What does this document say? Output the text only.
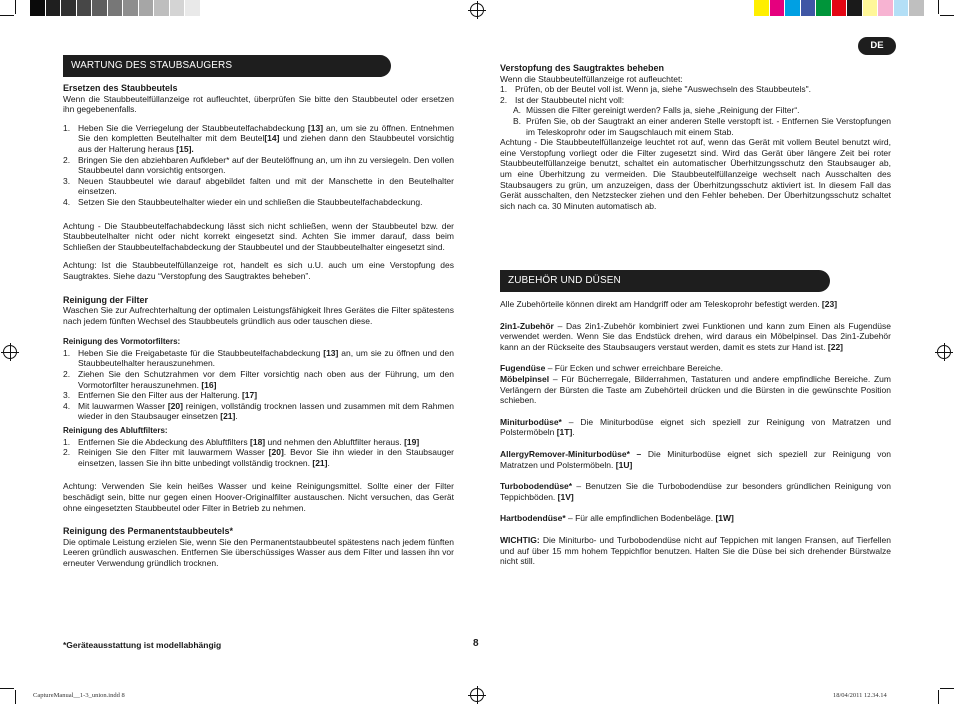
DE
WARTUNG DES STAUBSAUGERS
Ersetzen des Staubbeutels

Wenn die Staubbeutelfüllanzeige rot aufleuchtet, überprüfen Sie bitte den Staubbeutel oder ersetzen ihn gegebenenfalls.

1. Heben Sie die Verriegelung der Staubbeutelfachabdeckung [13] an, um sie zu öffnen. Entnehmen Sie den kompletten Beutelhalter mit dem Beutel[14] und ziehen dann den Staubbeutel vorsichtig aus der Halterung heraus [15].
2. Bringen Sie den abziehbaren Aufkleber* auf der Beutelöffnung an, um ihn zu versiegeln. Den vollen Staubbeutel dann vorsichtig entsorgen.
3. Neuen Staubbeutel wie darauf abgebildet falten und mit der Manschette in den Beutelhalter einsetzen.
4. Setzen Sie den Staubbeutelhalter wieder ein und schließen die Staubbeutelfachabdeckung.

Achtung - Die Staubbeutelfachabdeckung lässt sich nicht schließen, wenn der Staubbeutel bzw. der Staubbeutelhalter nicht oder nicht korrekt eingesetzt sind. Achten Sie immer darauf, dass beim Schließen der Staubbeutelfachabdeckung der Staubbeutel und der Staubbeutelhalter eingesetzt sind.

Achtung: Ist die Staubbeutelfüllanzeige rot, handelt es sich u.U. auch um eine Verstopfung des Saugtraktes. Siehe dazu “Verstopfung des Saugtraktes beheben”.

Reinigung der Filter

Waschen Sie zur Aufrechterhaltung der optimalen Leistungsfähigkeit Ihres Gerätes die Filter spätestens nach jedem fünften Wechsel des Staubbeutels gründlich aus oder tauschen diese.

Reinigung des Vormotorfilters:
1. Heben Sie die Freigabetaste für die Staubbeutelfachabdeckung [13] an, um sie zu öffnen und den Staubbeutelhalter herauszunehmen.
2. Ziehen Sie den Schutzrahmen vor dem Filter vorsichtig nach oben aus der Führung, um den Vormotorfilter herauszunehmen. [16]
3. Entfernen Sie den Filter aus der Halterung. [17]
4. Mit lauwarmen Wasser [20] reinigen, vollständig trocknen lassen und zusammen mit dem Rahmen wieder in den Staubsauger einsetzen [21].
Reinigung des Abluftfilters:
1. Entfernen Sie die Abdeckung des Abluftfilters [18] und nehmen den Abluftfilter heraus. [19]
2. Reinigen Sie den Filter mit lauwarmem Wasser [20]. Bevor Sie ihn wieder in den Staubsauger einsetzen, lassen Sie ihn bitte unbedingt vollständig trocknen. [21].

Achtung: Verwenden Sie kein heißes Wasser und keine Reinigungsmittel. Sollte einer der Filter beschädigt sein, bitte nur gegen einen Hoover-Originalfilter austauschen. Nicht versuchen, das Gerät ohne eingesetzten Staubbeutel oder Filter in Betrieb zu nehmen.

Reinigung des Permanentstaubbeutels*

Die optimale Leistung erzielen Sie, wenn Sie den Permanentstaubbeutel spätestens nach jedem fünften Leeren gründlich auswaschen. Entfernen Sie überschüssiges Wasser aus dem Filter und lassen ihn vor erneuter Verwendung gründlich trocknen.

*Geräteausstattung ist modellabhängig	8
Verstopfung des Saugtraktes beheben

Wenn die Staubbeutelfüllanzeige rot aufleuchtet:

1. Prüfen, ob der Beutel voll ist. Wenn ja, siehe "Auswechseln des Staubbeutels".
2. Ist der Staubbeutel nicht voll:
A. Müssen die Filter gereinigt werden? Falls ja, siehe „Reinigung der Filter“.
B. Prüfen Sie, ob der Saugtrakt an einer anderen Stelle verstopft ist. - Entfernen Sie Verstopfungen im Teleskoprohr oder im Saugschlauch mit einem Stab.

Achtung - Die Staubbeutelfüllanzeige leuchtet rot auf, wenn das Gerät mit vollem Beutel benutzt wird, eine Verstopfung vorliegt oder die Filter zugesetzt sind. Wird das Gerät über längere Zeit bei roter Staubbeutelfüllanzeige benutzt, schaltet ein automatischer Überhitzungsschutz den Staubsauger ab, um eine Überhitzung zu vermeiden. Die Staubbeutelfüllanzeige wechselt nach Ausschalten des Staubsaugers zu grün, um anzuzeigen, dass der Überhitzungsschutz aktiviert ist. In diesem Fall das Gerät ausschalten, den Netzstecker ziehen und den Fehler beheben. Der Überhitzungsschutz schaltet sich nach ca. 30 Minuten automatisch ab.

ZUBEHÖR UND DÜSEN

Alle Zubehörteile können direkt am Handgriff oder am Teleskoprohr befestigt werden. [23]

2in1-Zubehör – Das 2in1-Zubehör kombiniert zwei Funktionen und kann zum Einen als Fugendüse verwendet werden. Wenn Sie das Endstück drehen, wird daraus ein Möbelpinsel. Das 2in1-Zubehör kann an der Rückseite des Staubsaugers verstaut werden, damit es stets zur Hand ist. [22]

Fugendüse – Für Ecken und schwer erreichbare Bereiche.

Möbelpinsel – Für Bücherregale, Bilderrahmen, Tastaturen und andere empfindliche Bereiche. Zum Verlängern der Bürsten die Taste am Zubehörteil drücken und die Bürsten in die gewünschte Position schieben.

Miniturbodüse* – Die Miniturbodüse eignet sich speziell zur Reinigung von Matratzen und Polstermöbeln [1T].

AllergyRemover-Miniturbodüse* – Die Miniturbodüse eignet sich speziell zur Reinigung von Matratzen und Polstermöbeln. [1U]

Turbobodendüse* – Benutzen Sie die Turbobodendüse zur besonders gründlichen Reinigung von Teppichböden. [1V]

Hartbodendüse* – Für alle empfindlichen Bodenbeläge. [1W]

WICHTIG: Die Miniturbo- und Turbobodendüse nicht auf Teppichen mit langen Fransen, auf Tierfellen und auf über 15 mm hohem Teppichflor benutzen. Halten Sie die Düse bei sich drehender Bürstwalze nicht still.

CaptureManual__1-3_union.indd 8	18/04/2011 12.34.14
